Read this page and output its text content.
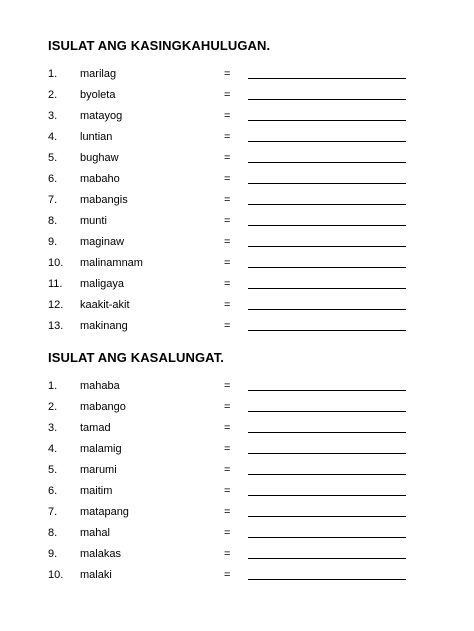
ISULAT ANG KASINGKAHULUGAN.
1. marilag	=
2. byoleta	=
3. matayog	=
4. luntian	=
5. bughaw	=
6. mabaho	=
7. mabangis	=
8. munti	=
9. maginaw	=
10. malinamnam	=
11. maligaya	=
12. kaakit-akit	=
13. makinang	=
ISULAT ANG KASALUNGAT.
1. mahaba	=
2. mabango	=
3. tamad	=
4. malamig	=
5. marumi	=
6. maitim	=
7. matapang	=
8. mahal	=
9. malakas	=
10. malaki	=
